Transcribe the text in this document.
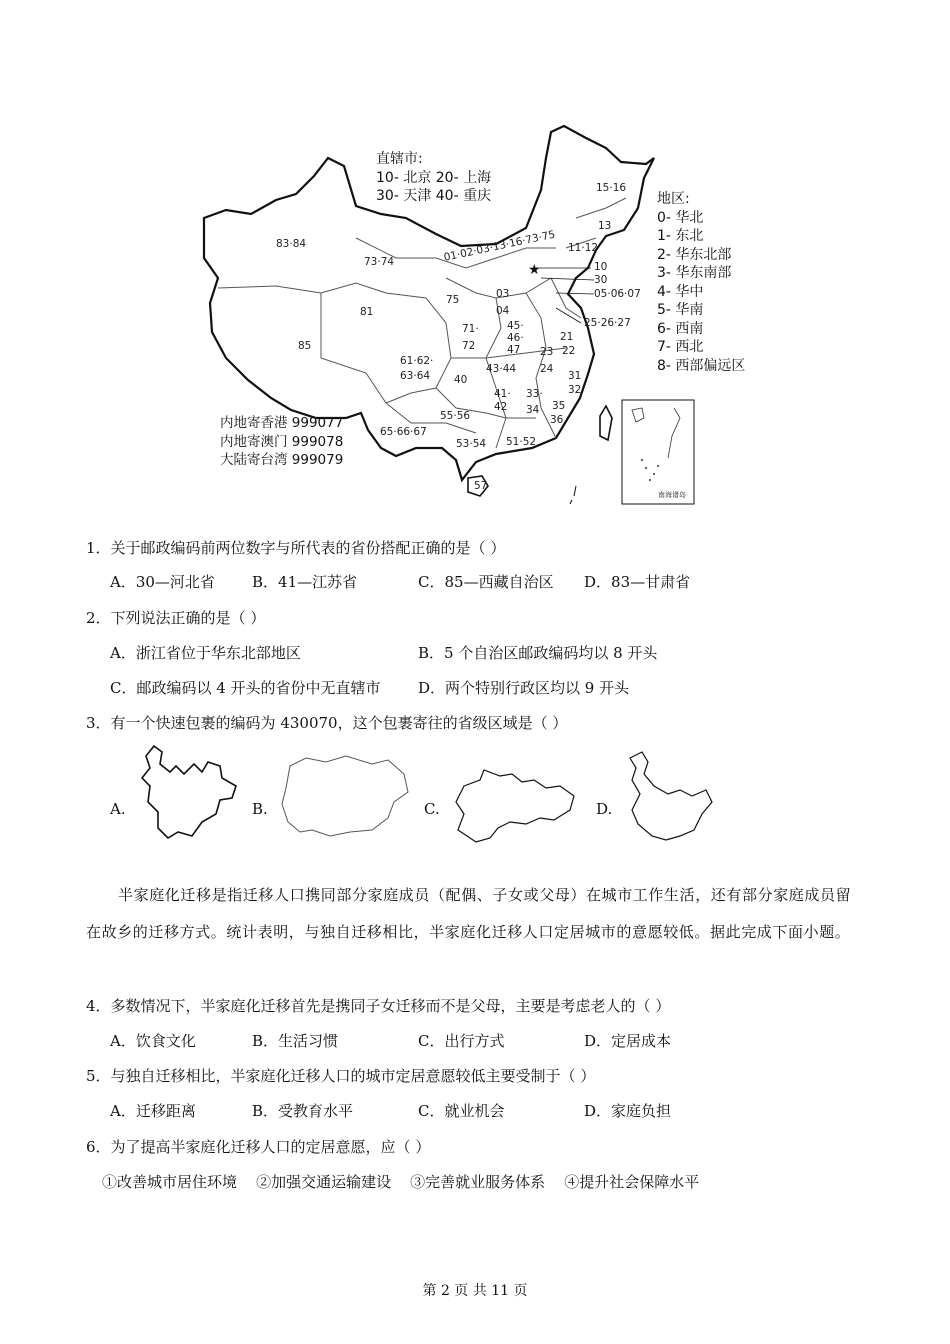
★
直辖市:
10- 北京 20- 上海
30- 天津 40- 重庆	地区:
0- 华北
1- 东北
2- 华东北部
3- 华东南部
4- 华中
5- 华南
6- 西南
7- 西北
8- 西部偏远区
内地寄香港 999077
内地寄澳门 999078
大陆寄台湾 999079
南海诸岛
15·16
13
11·12
10
30
05·06·07
25·26·27
21
22
23
24
31
32
33·
34 35
36
51·52
53·54
57
55·56
65·66·67
40
41·
42
43·44
45·
46·
47
03
04
72
71·
75
61·62·
63·64
81
85
83·84
73·74	01·02·03·13·16·73·75
1．关于邮政编码前两位数字与所代表的省份搭配正确的是（ ）
A．30—河北省 B．41—江苏省	C．85—西藏自治区 D．83—甘肃省
2．下列说法正确的是（ ）
A．浙江省位于华东北部地区	B．5 个自治区邮政编码均以 8 开头
C．邮政编码以 4 开头的省份中无直辖市 D．两个特别行政区均以 9 开头
3．有一个快速包裹的编码为 430070，这个包裹寄往的省级区域是（ ）
A.	B.	C.	D.
半家庭化迁移是指迁移人口携同部分家庭成员（配偶、子女或父母）在城市工作生活，还有部分家庭成员留在故乡的迁移方式。统计表明，与独自迁移相比，半家庭化迁移人口定居城市的意愿较低。据此完成下面小题。
4．多数情况下，半家庭化迁移首先是携同子女迁移而不是父母，主要是考虑老人的（ ）
A．饮食文化	B．生活习惯	C．出行方式	D．定居成本
5．与独自迁移相比，半家庭化迁移人口的城市定居意愿较低主要受制于（ ）
A．迁移距离	B．受教育水平	C．就业机会	D．家庭负担
6．为了提高半家庭化迁移人口的定居意愿，应（ ）
①改善城市居住环境    ②加强交通运输建设    ③完善就业服务体系    ④提升社会保障水平
第 2 页 共 11 页
